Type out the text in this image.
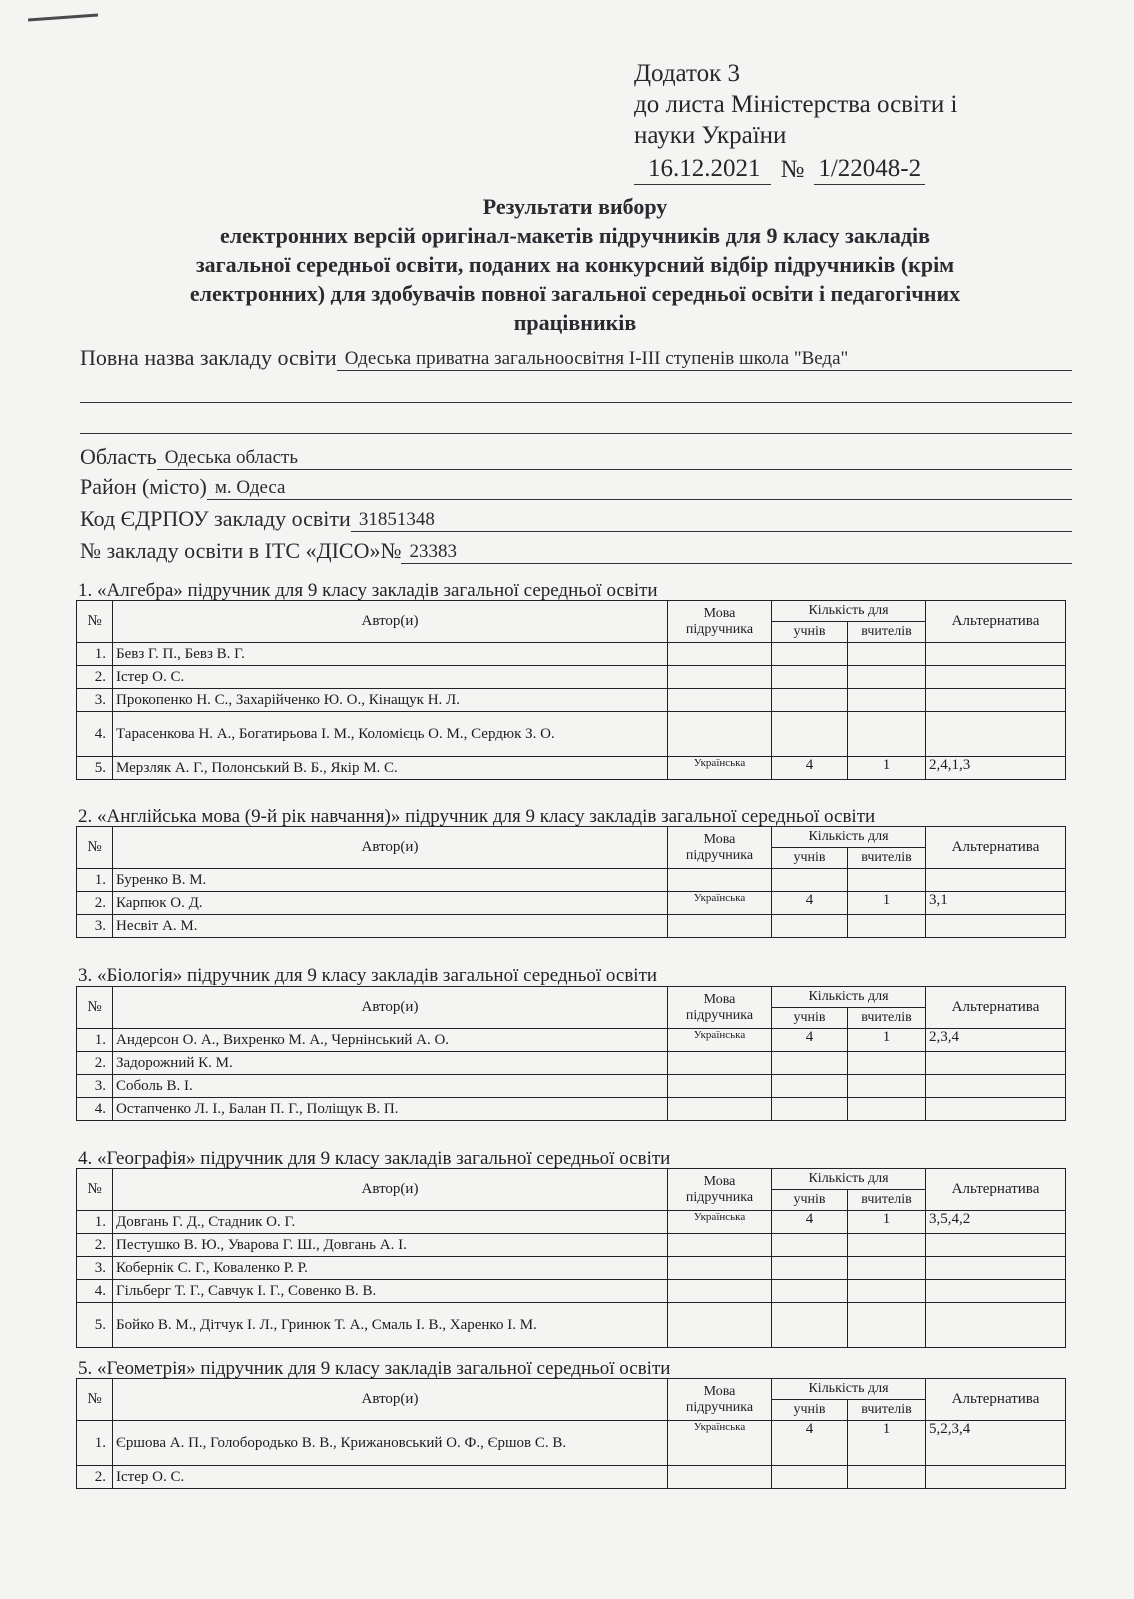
Додаток 3
до листа Міністерства освіти і
науки України
16.12.2021 № 1/22048-2
Результати вибору
електронних версій оригінал-макетів підручників для 9 класу закладів
загальної середньої освіти, поданих на конкурсний відбір підручників (крім
електронних) для здобувачів повної загальної середньої освіти і педагогічних
працівників
Повна назва закладу освіти Одеська приватна загальноосвітня І-ІІІ ступенів школа "Веда"
Область Одеська область
Район (місто) м. Одеса
Код ЄДРПОУ закладу освіти 31851348
№ закладу освіти в ІТС «ДІСО»№ 23383
1. «Алгебра» підручник для 9 класу закладів загальної середньої освіти
№	Автор(и)	Мова підручника	Кількість для		Альтернатива
			учнів	вчителів	
1.	Бевз Г. П., Бевз В. Г.				
2.	Істер О. С.				
3.	Прокопенко Н. С., Захарійченко Ю. О., Кінащук Н. Л.				
4.	Тарасенкова Н. А., Богатирьова І. М., Коломієць О. М., Сердюк З. О.				
5.	Мерзляк А. Г., Полонський В. Б., Якір М. С.	Українська	4	1	2,4,1,3
2. «Англійська мова (9-й рік навчання)» підручник для 9 класу закладів загальної середньої освіти
№	Автор(и)	Мова підручника	Кількість для		Альтернатива
			учнів	вчителів	
1.	Буренко В. М.				
2.	Карпюк О. Д.	Українська	4	1	3,1
3.	Несвіт А. М.				
3. «Біологія» підручник для 9 класу закладів загальної середньої освіти
№	Автор(и)	Мова підручника	Кількість для		Альтернатива
			учнів	вчителів	
1.	Андерсон О. А., Вихренко М. А., Чернінський А. О.	Українська	4	1	2,3,4
2.	Задорожний К. М.				
3.	Соболь В. І.				
4.	Остапченко Л. І., Балан П. Г., Поліщук В. П.				
4. «Географія» підручник для 9 класу закладів загальної середньої освіти
№	Автор(и)	Мова підручника	Кількість для		Альтернатива
			учнів	вчителів	
1.	Довгань Г. Д., Стадник О. Г.	Українська	4	1	3,5,4,2
2.	Пестушко В. Ю., Уварова Г. Ш., Довгань А. І.				
3.	Кобернік С. Г., Коваленко Р. Р.				
4.	Гільберг Т. Г., Савчук І. Г., Совенко В. В.				
5.	Бойко В. М., Дітчук І. Л., Гринюк Т. А., Смаль І. В., Харенко І. М.				
5. «Геометрія» підручник для 9 класу закладів загальної середньої освіти
№	Автор(и)	Мова підручника	Кількість для		Альтернатива
			учнів	вчителів	
1.	Єршова А. П., Голобородько В. В., Крижановський О. Ф., Єршов С. В.	Українська	4	1	5,2,3,4
2.	Істер О. С.				
